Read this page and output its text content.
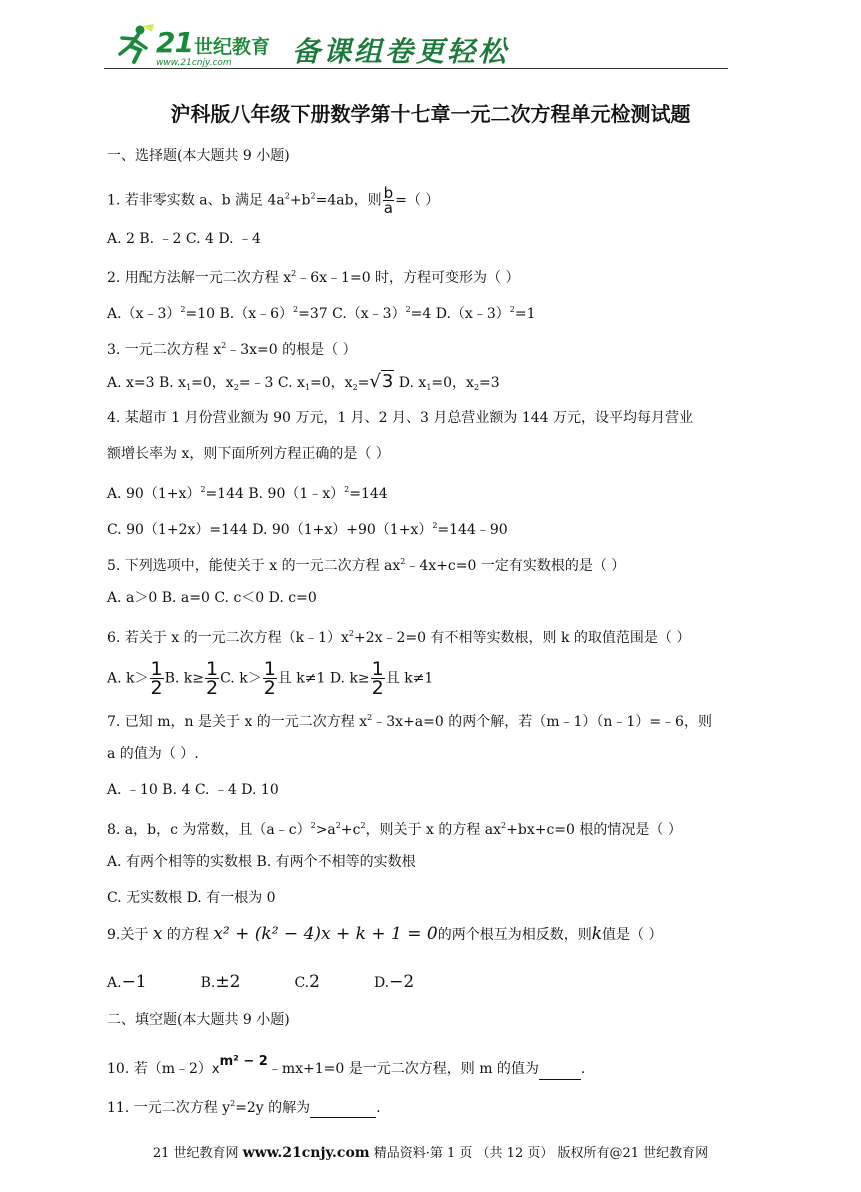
21 世纪教育
www.21cnjy.com 备课组卷更轻松
沪科版八年级下册数学第十七章一元二次方程单元检测试题
一、选择题(本大题共 9 小题)
1. 若非零实数 a、b 满足 $4a^2+b^2=4ab$，则 $\frac{b}{a}$ =（ ）
A. 2 B. ﹣2 C. 4 D. ﹣4
2. 用配方法解一元二次方程 $x^2﹣6x﹣1=0$ 时，方程可变形为（ ）
A.（x﹣3）$^2$=10 B.（x﹣6）$^2$=37 C.（x﹣3）$^2$=4 D.（x﹣3）$^2$=1
3. 一元二次方程 $x^2﹣3x=0$ 的根是（ ）
A. x=3 B. $x_1=0$，$x_2=﹣3$ C. $x_1=0$，$x_2=√3$ D. $x_1=0$，$x_2=3$
4. 某超市 1 月份营业额为 90 万元，1 月、2 月、3 月总营业额为 144 万元，设平均每月营业
额增长率为 x，则下面所列方程正确的是（ ）
A. $90(1+x)^2=144$ B. 90（1﹣x）$^2$=144
C. 90（1+2x）=144 D. $90(1+x)+90(1+x)^2=144﹣90$
5. 下列选项中，能使关于 x 的一元二次方程 $ax^2﹣4x+c=0$ 一定有实数根的是（ ）
A. a＞0 B. a=0 C. c＜0 D. c=0
6. 若关于 x 的一元二次方程$(k﹣1)x^2+2x﹣2=0$ 有不相等实数根，则 k 的取值范围是（ ）
A. $k> \frac{1}{2} B$. $k\ge \frac{1}{2} C$. $k> \frac{1}{2}$ 且 k≠1 D. $k\ge \frac{1}{2}$ 且 k≠1
7. 已知 m，n 是关于 x 的一元二次方程 $x^2﹣3x+a=0$ 的两个解，若（m﹣1）（n﹣1）=﹣6，则
a 的值为（ ）.
A. ﹣10 B. 4 C. ﹣4 D. 10
8. a，b，c 为常数，且$(a﹣c)^2>a^2+c^2$，则关于 x 的方程 $ax^2+bx+c=0$ 根的情况是（ ）
A. 有两个相等的实数根 B. 有两个不相等的实数根
C. 无实数根 D. 有一根为 0
9.关于 x 的方程 x² + (k² − 4)x + k + 1 = 0的两个根互为相反数，则k值是（ ）
A.−1	B.±2	C.2	D.−2
二、填空题(本大题共 9 小题)
10. 若（m﹣2）xm² − 2﹣mx+1=0 是一元二次方程，则 m 的值为	.
11. 一元二次方程 $y^2=2y$ 的解为	.
21 世纪教育网 www.21cnjy.com 精品资料·第 1 页 （共 12 页） 版权所有@21 世纪教育网
